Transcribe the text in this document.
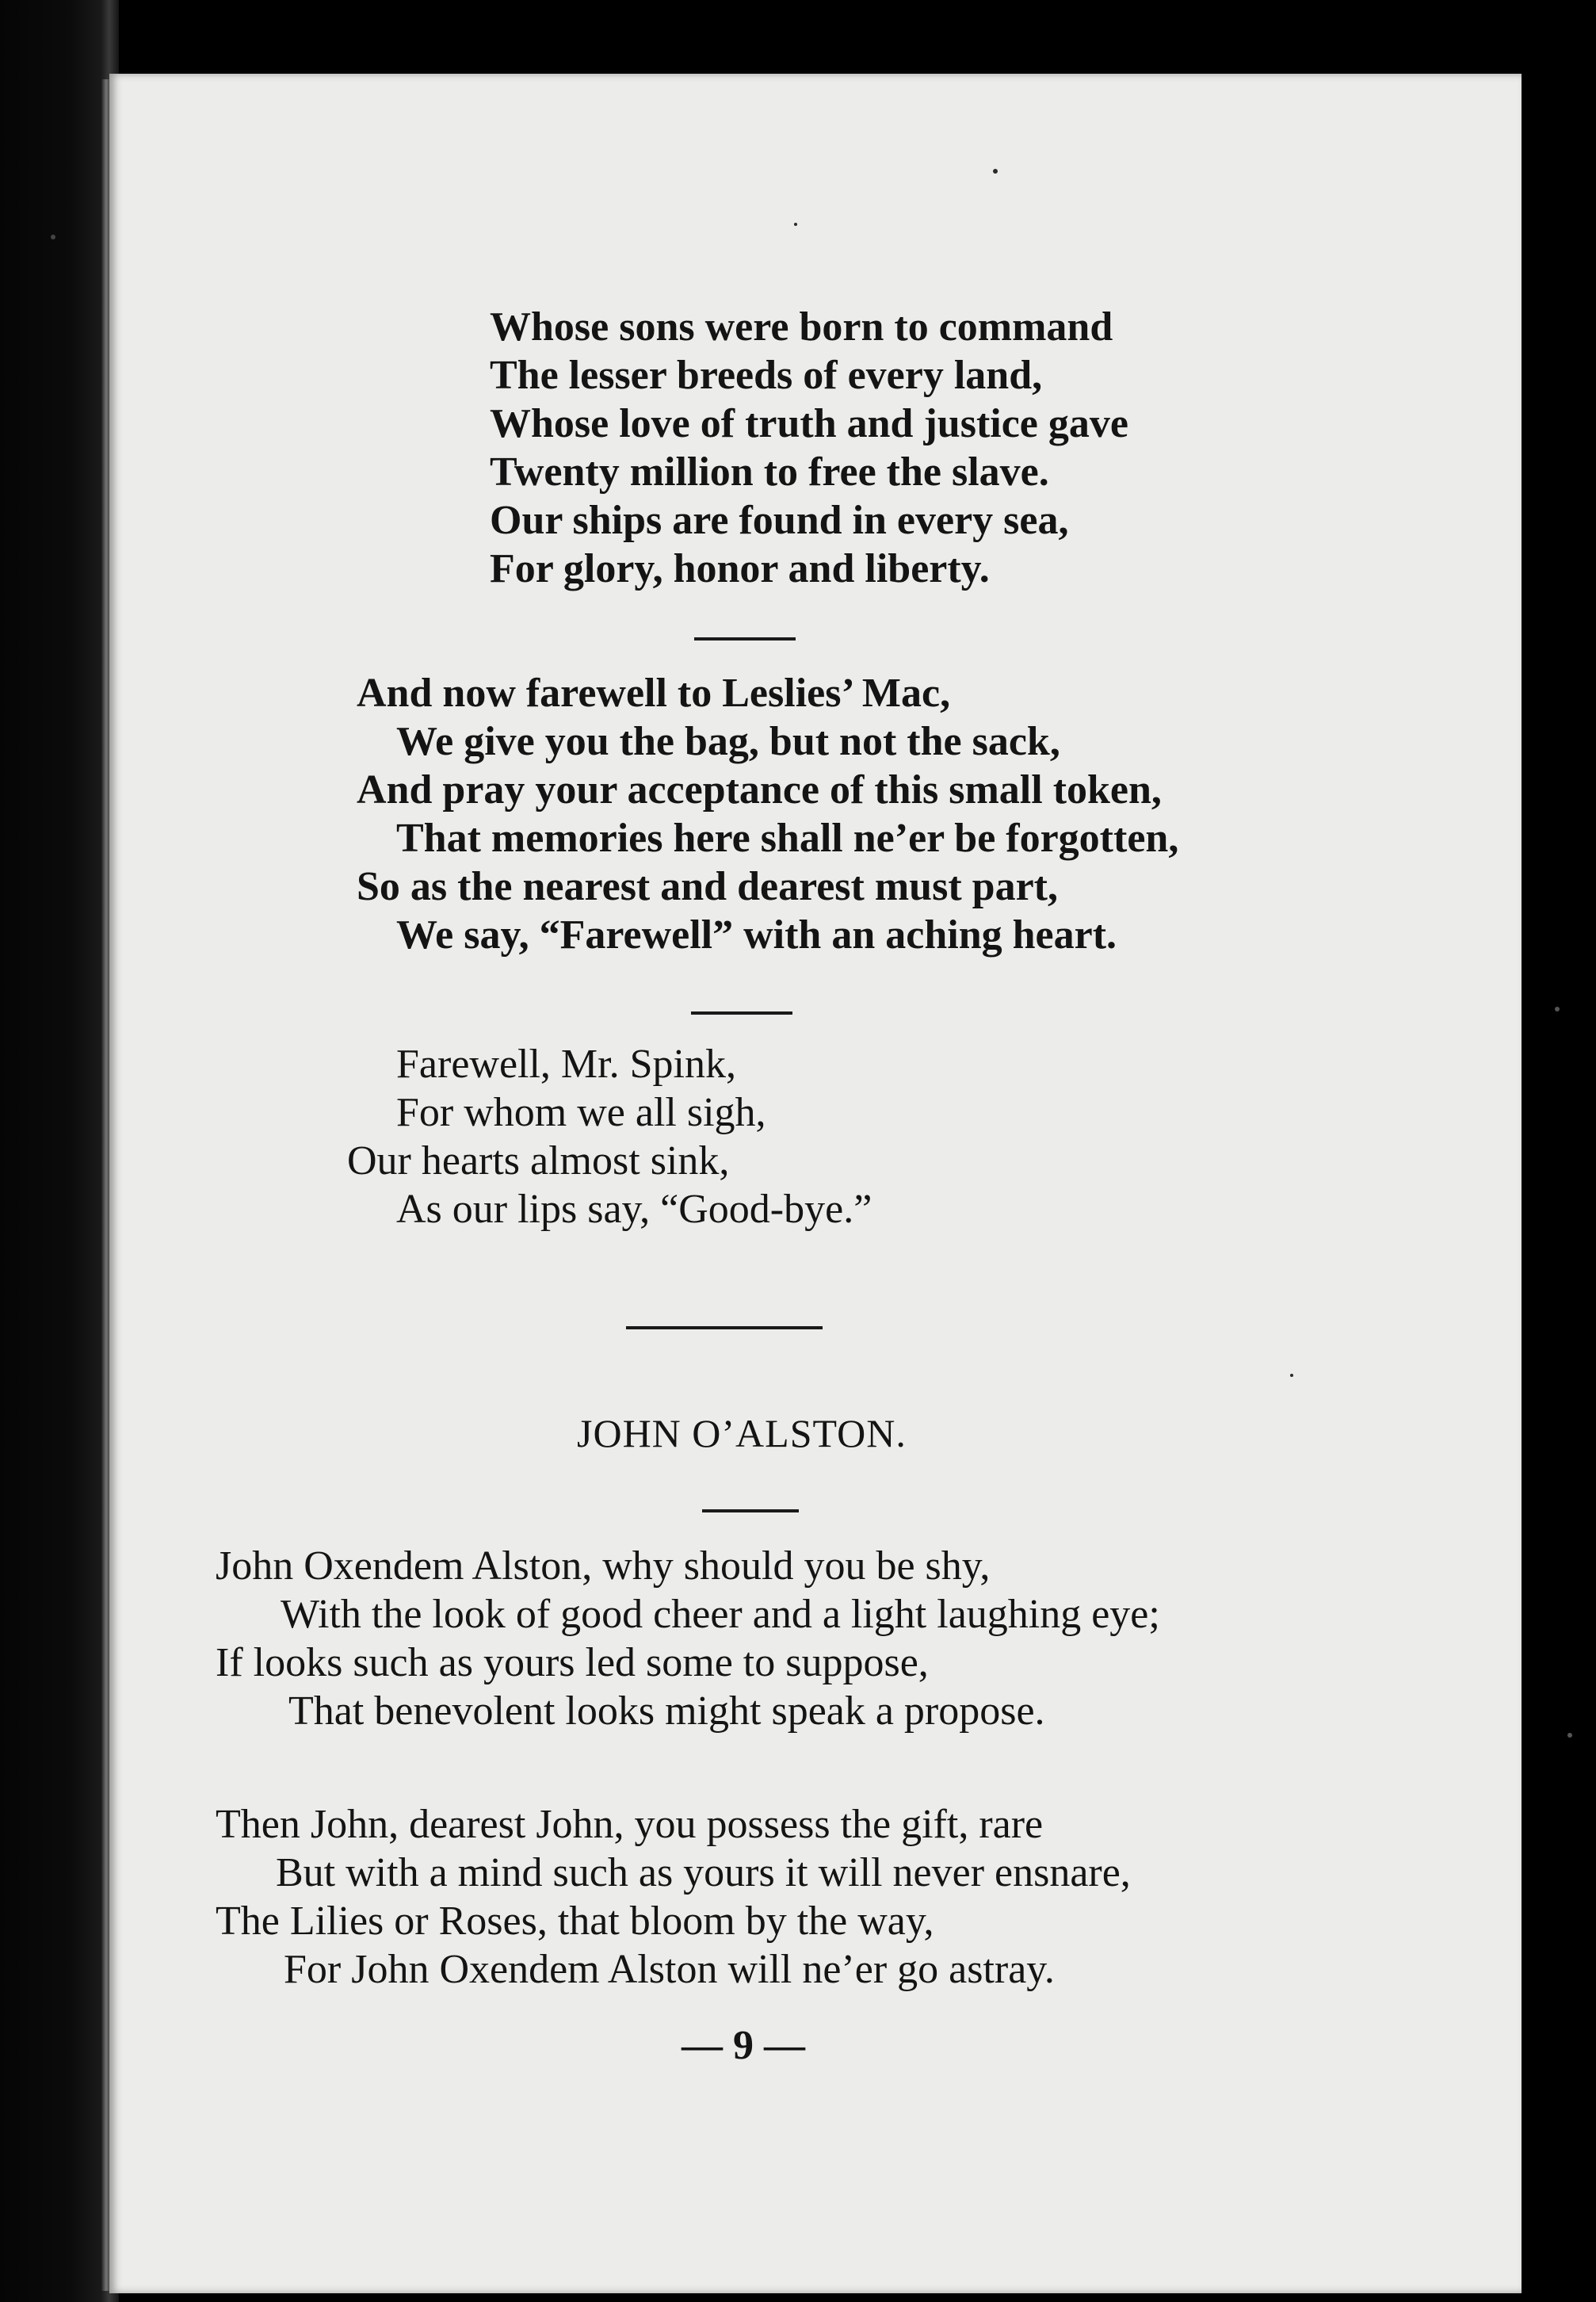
Whose sons were born to command
The lesser breeds of every land,
Whose love of truth and justice gave
Twenty million to free the slave.
Our ships are found in every sea,
For glory, honor and liberty.
And now farewell to Leslies’ Mac,
We give you the bag, but not the sack,
And pray your acceptance of this small token,
That memories here shall ne’er be forgotten,
So as the nearest and dearest must part,
We say, “Farewell” with an aching heart.
Farewell, Mr. Spink,
For whom we all sigh,
Our hearts almost sink,
As our lips say, “Good-bye.”
JOHN O’ALSTON.
John Oxendem Alston, why should you be shy,
With the look of good cheer and a light laughing eye;
If looks such as yours led some to suppose,
That benevolent looks might speak a propose.
Then John, dearest John, you possess the gift, rare
But with a mind such as yours it will never ensnare,
The Lilies or Roses, that bloom by the way,
For John Oxendem Alston will ne’er go astray.
— 9 —
